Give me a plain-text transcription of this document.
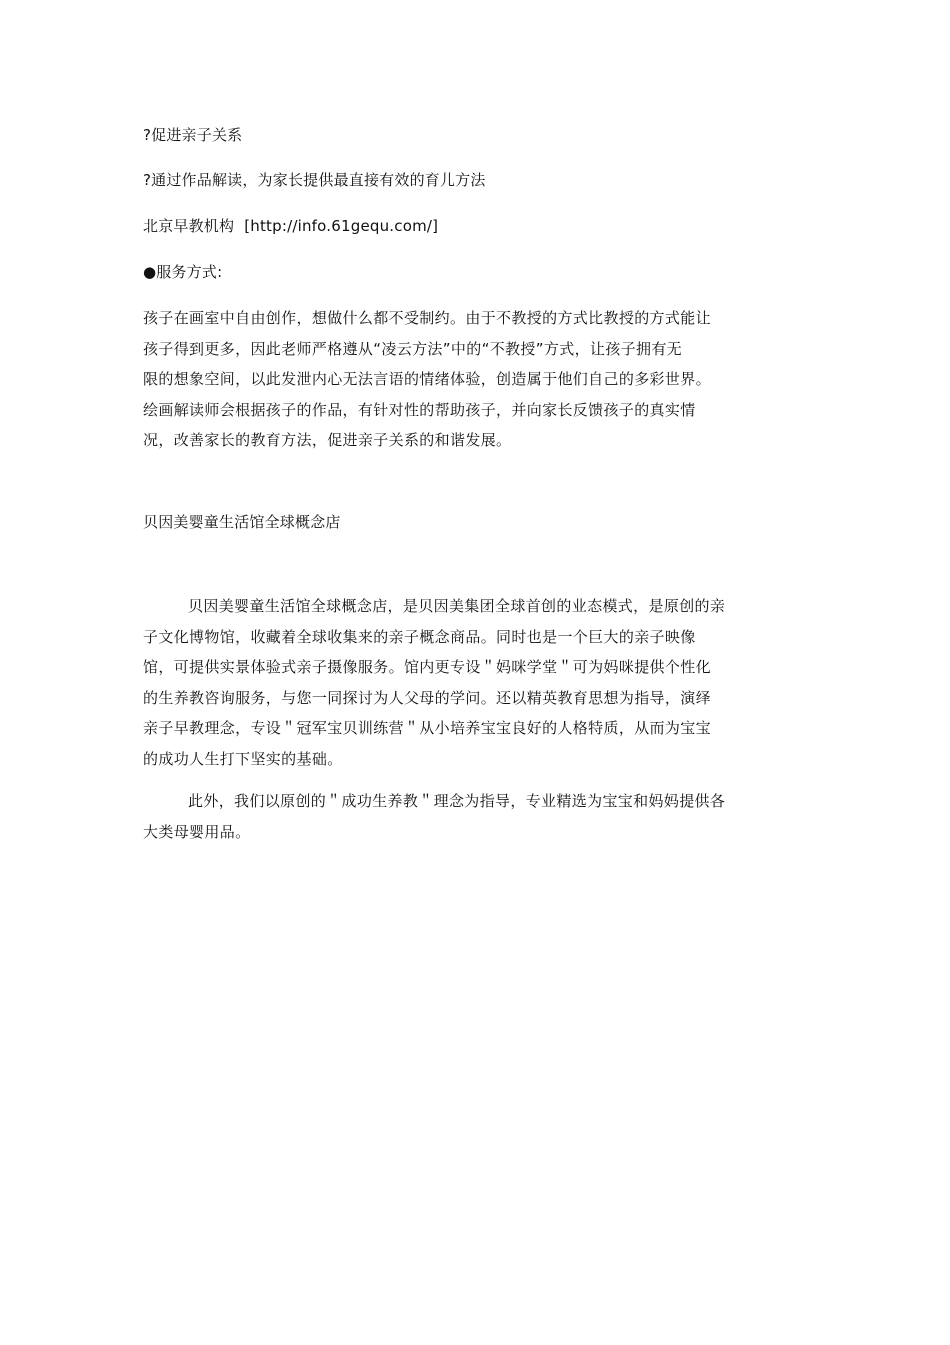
?促进亲子关系
?通过作品解读，为家长提供最直接有效的育儿方法
北京早教机构 [http://info.61gequ.com/]
●服务方式:
孩子在画室中自由创作，想做什么都不受制约。由于不教授的方式比教授的方式能让
孩子得到更多，因此老师严格遵从“凌云方法”中的“不教授”方式，让孩子拥有无
限的想象空间，以此发泄内心无法言语的情绪体验，创造属于他们自己的多彩世界。
绘画解读师会根据孩子的作品，有针对性的帮助孩子，并向家长反馈孩子的真实情
况，改善家长的教育方法，促进亲子关系的和谐发展。
贝因美婴童生活馆全球概念店
贝因美婴童生活馆全球概念店，是贝因美集团全球首创的业态模式，是原创的亲
子文化博物馆，收藏着全球收集来的亲子概念商品。同时也是一个巨大的亲子映像
馆，可提供实景体验式亲子摄像服务。馆内更专设＂妈咪学堂＂可为妈咪提供个性化
的生养教咨询服务，与您一同探讨为人父母的学问。还以精英教育思想为指导，演绎
亲子早教理念，专设＂冠军宝贝训练营＂从小培养宝宝良好的人格特质，从而为宝宝
的成功人生打下坚实的基础。
此外，我们以原创的＂成功生养教＂理念为指导，专业精选为宝宝和妈妈提供各
大类母婴用品。
